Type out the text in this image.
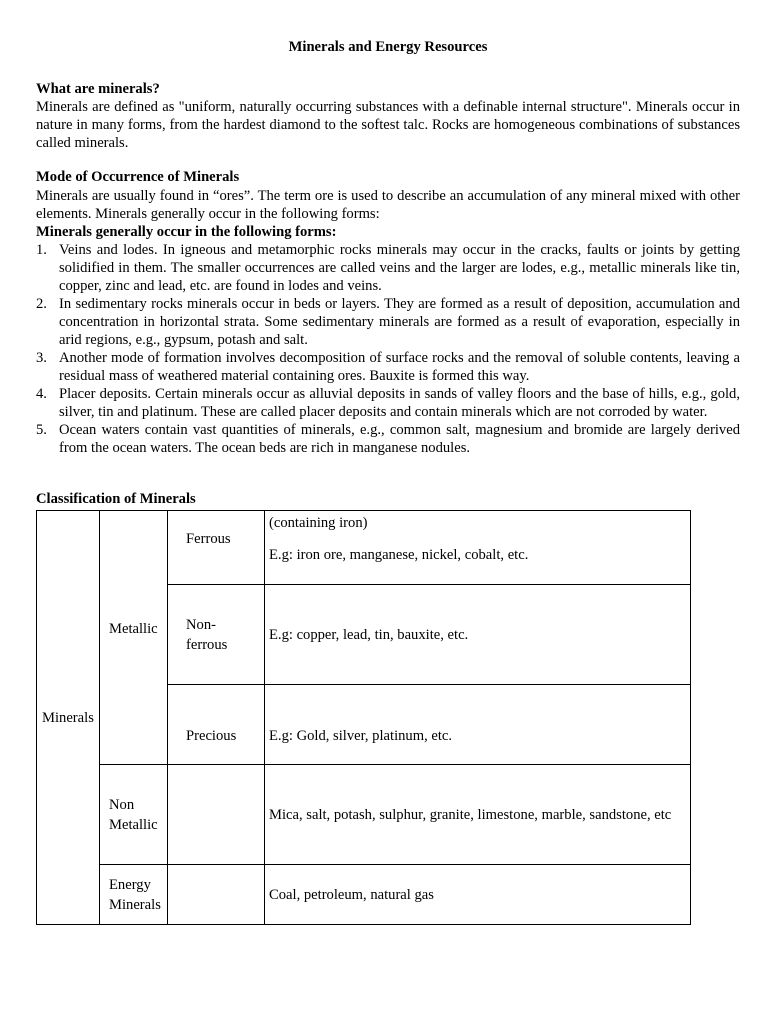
Minerals and Energy Resources
What are minerals?
Minerals are defined as "uniform, naturally occurring substances with a definable internal structure". Minerals occur in nature in many forms, from the hardest diamond to the softest talc. Rocks are homogeneous combinations of substances called minerals.
Mode of Occurrence of Minerals
Minerals are usually found in “ores”. The term ore is used to describe an accumulation of any mineral mixed with other elements. Minerals generally occur in the following forms:
Minerals generally occur in the following forms:
1. Veins and lodes. In igneous and metamorphic rocks minerals may occur in the cracks, faults or joints by getting solidified in them. The smaller occurrences are called veins and the larger are lodes, e.g., metallic minerals like tin, copper, zinc and lead, etc. are found in lodes and veins.
2. In sedimentary rocks minerals occur in beds or layers. They are formed as a result of deposition, accumulation and concentration in horizontal strata. Some sedimentary minerals are formed as a result of evaporation, especially in arid regions, e.g., gypsum, potash and salt.
3. Another mode of formation involves decomposition of surface rocks and the removal of soluble contents, leaving a residual mass of weathered material containing ores. Bauxite is formed this way.
4. Placer deposits. Certain minerals occur as alluvial deposits in sands of valley floors and the base of hills, e.g., gold, silver, tin and platinum. These are called placer deposits and contain minerals which are not corroded by water.
5. Ocean waters contain vast quantities of minerals, e.g., common salt, magnesium and bromide are largely derived from the ocean waters. The ocean beds are rich in manganese nodules.
Classification of Minerals
Minerals	Metallic	Ferrous	(containing iron)
E.g: iron ore, manganese, nickel, cobalt, etc.

		Non-
ferrous	E.g: copper, lead, tin, bauxite, etc.
		Precious	E.g: Gold, silver, platinum, etc.

	Non
Metallic		Mica, salt, potash, sulphur, granite, limestone, marble, sandstone, etc

	Energy
Minerals		Coal, petroleum, natural gas
